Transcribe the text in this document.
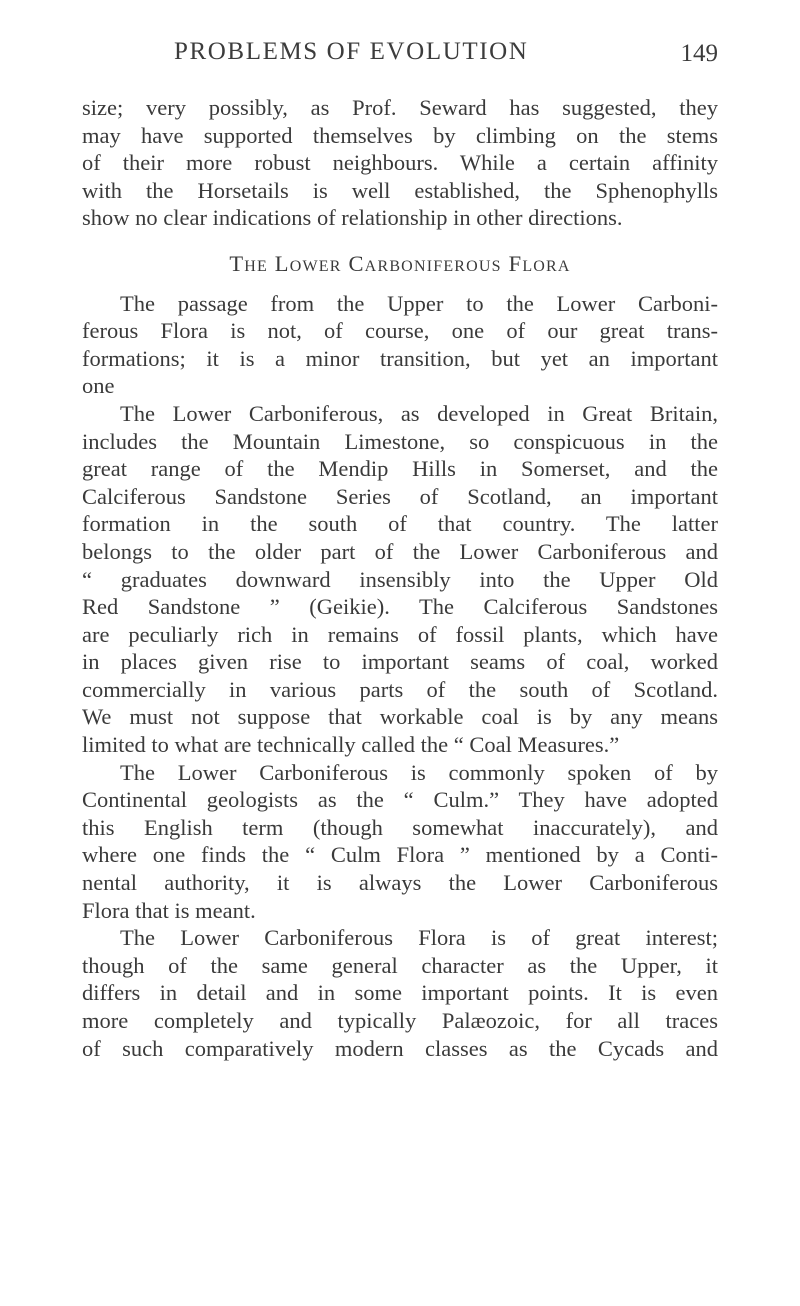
PROBLEMS OF EVOLUTION	149
size; very possibly, as Prof. Seward has suggested, they
may have supported themselves by climbing on the stems
of their more robust neighbours. While a certain affinity
with the Horsetails is well established, the Sphenophylls
show no clear indications of relationship in other directions.
The Lower Carboniferous Flora
The passage from the Upper to the Lower Carboni-
ferous Flora is not, of course, one of our great trans-
formations; it is a minor transition, but yet an important
one
The Lower Carboniferous, as developed in Great Britain,
includes the Mountain Limestone, so conspicuous in the
great range of the Mendip Hills in Somerset, and the
Calciferous Sandstone Series of Scotland, an important
formation in the south of that country. The latter
belongs to the older part of the Lower Carboniferous and
“ graduates downward insensibly into the Upper Old
Red Sandstone ” (Geikie). The Calciferous Sandstones
are peculiarly rich in remains of fossil plants, which have
in places given rise to important seams of coal, worked
commercially in various parts of the south of Scotland.
We must not suppose that workable coal is by any means
limited to what are technically called the “ Coal Measures.”
The Lower Carboniferous is commonly spoken of by
Continental geologists as the “ Culm.” They have adopted
this English term (though somewhat inaccurately), and
where one finds the “ Culm Flora ” mentioned by a Conti-
nental authority, it is always the Lower Carboniferous
Flora that is meant.
The Lower Carboniferous Flora is of great interest;
though of the same general character as the Upper, it
differs in detail and in some important points. It is even
more completely and typically Palæozoic, for all traces
of such comparatively modern classes as the Cycads and
